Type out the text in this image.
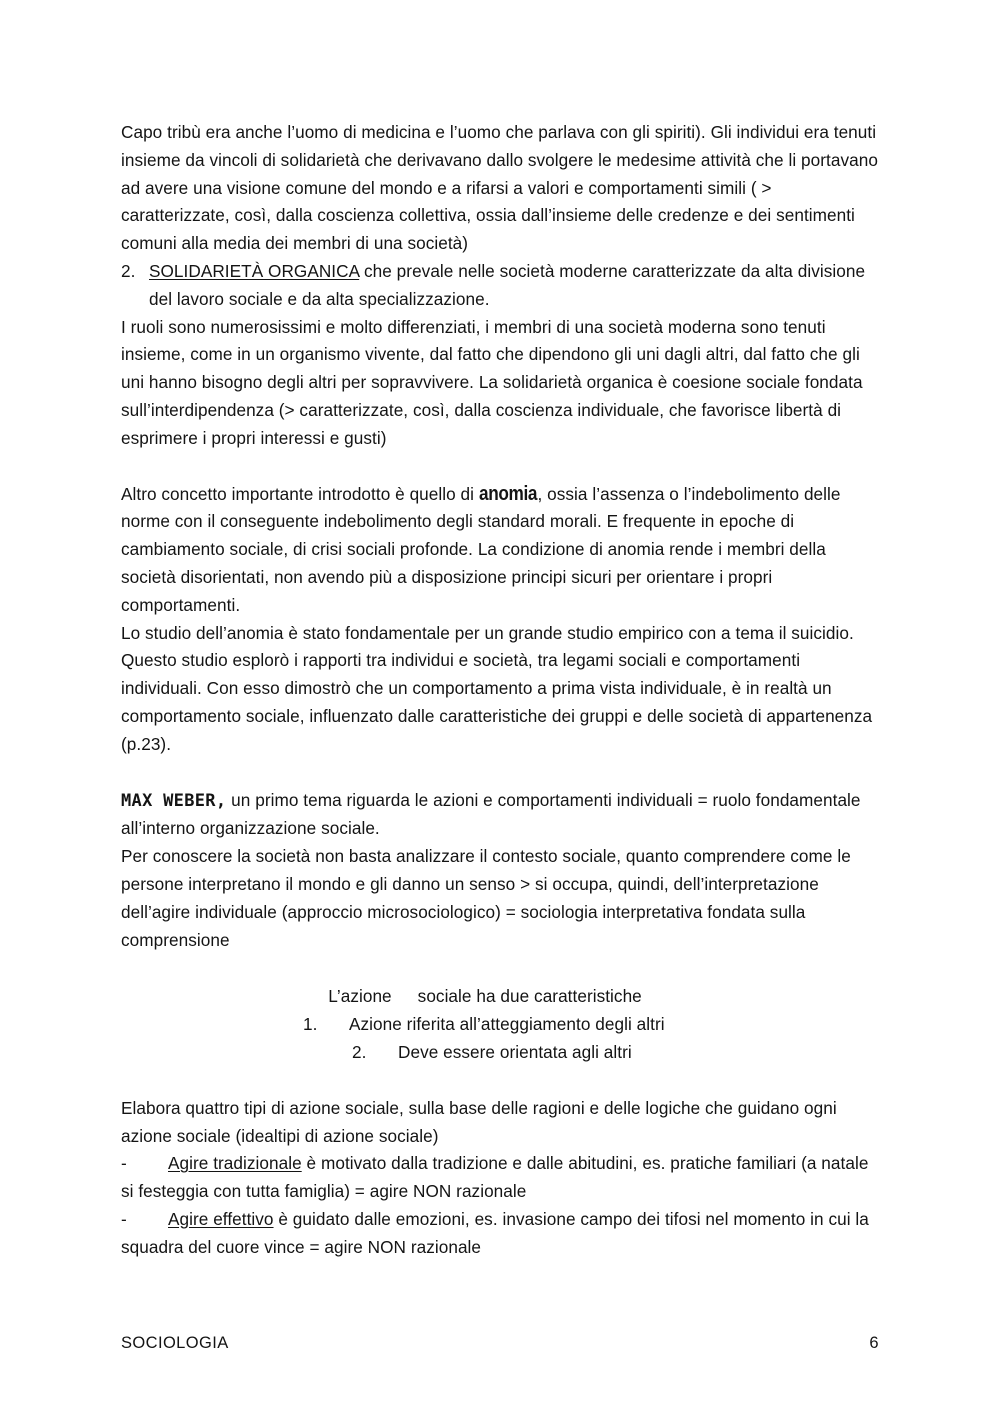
Capo tribù era anche l’uomo di medicina e l’uomo che parlava con gli spiriti). Gli individui era tenuti insieme da vincoli di solidarietà che derivavano dallo svolgere le medesime attività che li portavano ad avere una visione comune del mondo e a rifarsi a valori e comportamenti simili ( > caratterizzate, così, dalla coscienza collettiva, ossia dall’insieme delle credenze e dei sentimenti comuni alla media dei membri di una società)

2. SOLIDARIETÀ ORGANICA che prevale nelle società moderne caratterizzate da alta divisione del lavoro sociale e da alta specializzazione.

I ruoli sono numerosissimi e molto differenziati, i membri di una società moderna sono tenuti insieme, come in un organismo vivente, dal fatto che dipendono gli uni dagli altri, dal fatto che gli uni hanno bisogno degli altri per sopravvivere. La solidarietà organica è coesione sociale fondata sull’interdipendenza (> caratterizzate, così, dalla coscienza individuale, che favorisce libertà di esprimere i propri interessi e gusti)

Altro concetto importante introdotto è quello di anomia, ossia l’assenza o l’indebolimento delle norme con il conseguente indebolimento degli standard morali. E frequente in epoche di cambiamento sociale, di crisi sociali profonde. La condizione di anomia rende i membri della società disorientati, non avendo più a disposizione principi sicuri per orientare i propri comportamenti.

Lo studio dell’anomia è stato fondamentale per un grande studio empirico con a tema il suicidio. Questo studio esplorò i rapporti tra individui e società, tra legami sociali e comportamenti individuali. Con esso dimostrò che un comportamento a prima vista individuale, è in realtà un comportamento sociale, influenzato dalle caratteristiche dei gruppi e delle società di appartenenza (p.23).

MAX WEBER, un primo tema riguarda le azioni e comportamenti individuali = ruolo fondamentale all’interno organizzazione sociale.

Per conoscere la società non basta analizzare il contesto sociale, quanto comprendere come le persone interpretano il mondo e gli danno un senso > si occupa, quindi, dell’interpretazione dell’agire individuale (approccio microsociologico) = sociologia interpretativa fondata sulla comprensione

L’azione sociale ha due caratteristiche
1. Azione riferita all’atteggiamento degli altri
2. Deve essere orientata agli altri

Elabora quattro tipi di azione sociale, sulla base delle ragioni e delle logiche che guidano ogni azione sociale (idealtipi di azione sociale)

- Agire tradizionale è motivato dalla tradizione e dalle abitudini, es. pratiche familiari (a natale si festeggia con tutta famiglia) = agire NON razionale

- Agire effettivo è guidato dalle emozioni, es. invasione campo dei tifosi nel momento in cui la squadra del cuore vince = agire NON razionale

SOCIOLOGIA	6
